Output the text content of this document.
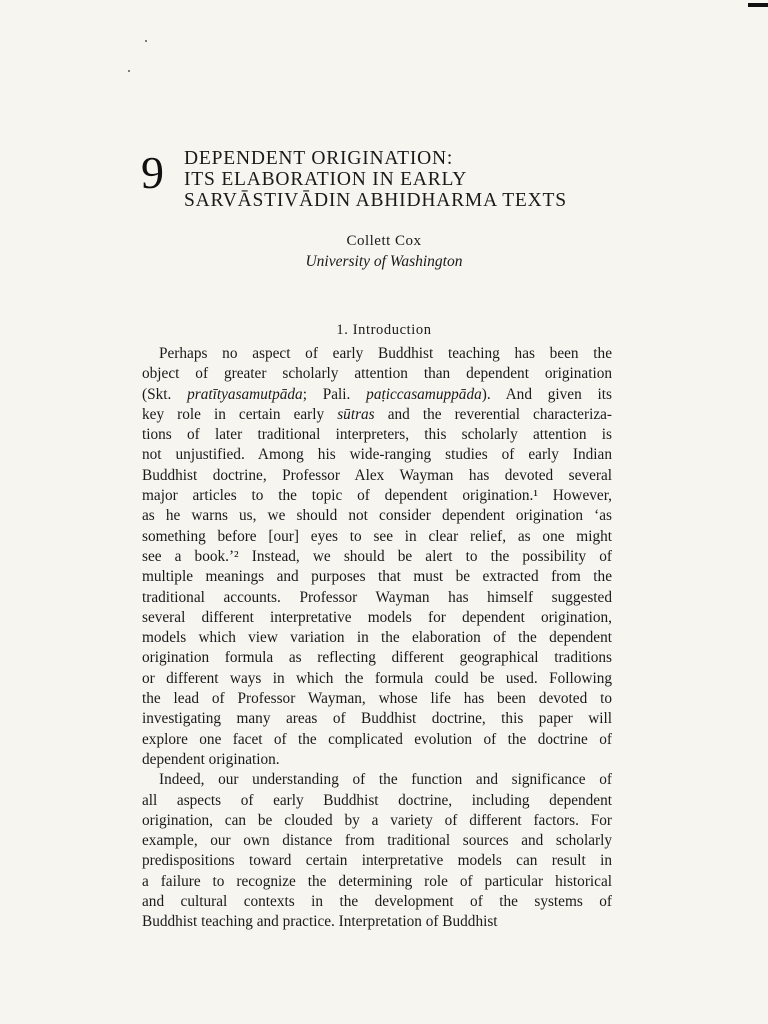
9 DEPENDENT ORIGINATION:
ITS ELABORATION IN EARLY
SARVĀSTIVĀDIN ABHIDHARMA TEXTS
Collett Cox
University of Washington
1. Introduction
Perhaps no aspect of early Buddhist teaching has been the
object of greater scholarly attention than dependent origination
(Skt. pratītyasamutpāda; Pali. paṭiccasamuppāda). And given its
key role in certain early sūtras and the reverential characteriza-
tions of later traditional interpreters, this scholarly attention is
not unjustified. Among his wide-ranging studies of early Indian
Buddhist doctrine, Professor Alex Wayman has devoted several
major articles to the topic of dependent origination.¹ However,
as he warns us, we should not consider dependent origination ‘as
something before [our] eyes to see in clear relief, as one might
see a book.’² Instead, we should be alert to the possibility of
multiple meanings and purposes that must be extracted from the
traditional accounts. Professor Wayman has himself suggested
several different interpretative models for dependent origination,
models which view variation in the elaboration of the dependent
origination formula as reflecting different geographical traditions
or different ways in which the formula could be used. Following
the lead of Professor Wayman, whose life has been devoted to
investigating many areas of Buddhist doctrine, this paper will
explore one facet of the complicated evolution of the doctrine of
dependent origination.
Indeed, our understanding of the function and significance of
all aspects of early Buddhist doctrine, including dependent
origination, can be clouded by a variety of different factors. For
example, our own distance from traditional sources and scholarly
predispositions toward certain interpretative models can result in
a failure to recognize the determining role of particular historical
and cultural contexts in the development of the systems of
Buddhist teaching and practice. Interpretation of Buddhist
